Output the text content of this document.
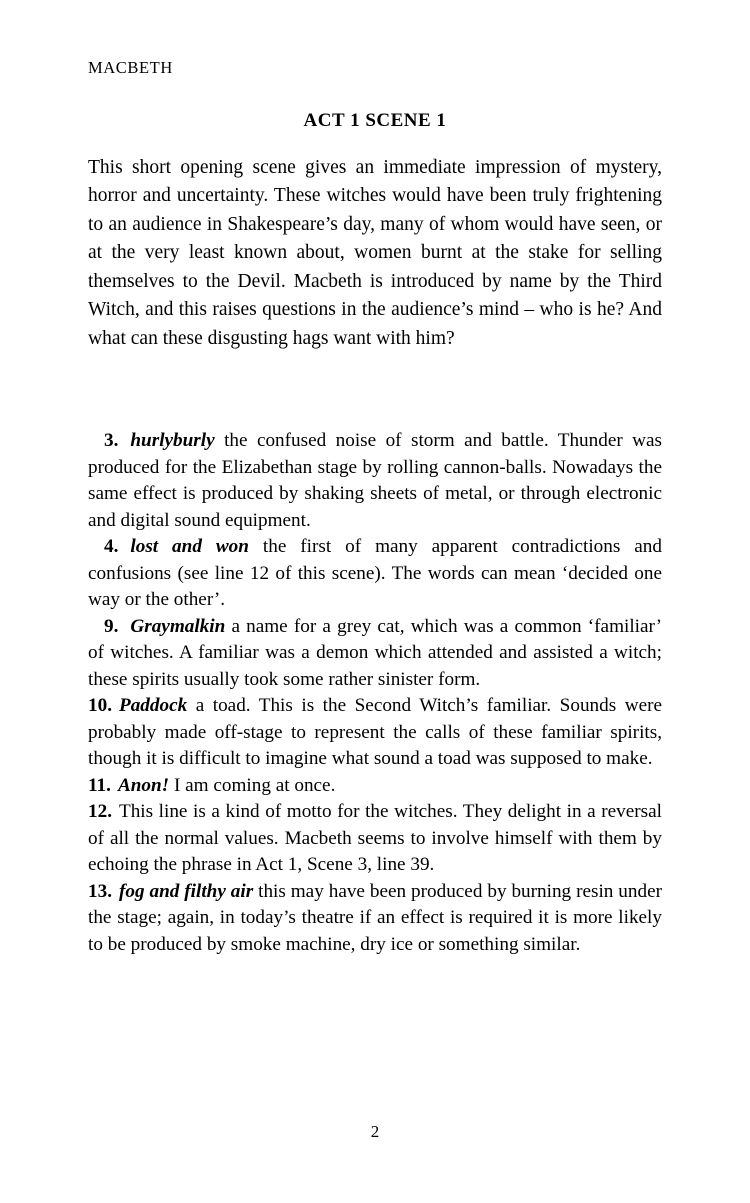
MACBETH
ACT 1 SCENE 1

This short opening scene gives an immediate impression of mystery, horror and uncertainty. These witches would have been truly frightening to an audience in Shakespeare’s day, many of whom would have seen, or at the very least known about, women burnt at the stake for selling themselves to the Devil. Macbeth is introduced by name by the Third Witch, and this raises questions in the audience’s mind – who is he? And what can these disgusting hags want with him?

3. hurlyburly the confused noise of storm and battle. Thunder was produced for the Elizabethan stage by rolling cannon-balls. Nowadays the same effect is produced by shaking sheets of metal, or through electronic and digital sound equipment.

4. lost and won the first of many apparent contradictions and confusions (see line 12 of this scene). The words can mean ‘decided one way or the other’.

9. Graymalkin a name for a grey cat, which was a common ‘familiar’ of witches. A familiar was a demon which attended and assisted a witch; these spirits usually took some rather sinister form.

10. Paddock a toad. This is the Second Witch’s familiar. Sounds were probably made off-stage to represent the calls of these familiar spirits, though it is difficult to imagine what sound a toad was supposed to make.

11. Anon! I am coming at once.

12. This line is a kind of motto for the witches. They delight in a reversal of all the normal values. Macbeth seems to involve himself with them by echoing the phrase in Act 1, Scene 3, line 39.

13. fog and filthy air this may have been produced by burning resin under the stage; again, in today’s theatre if an effect is required it is more likely to be produced by smoke machine, dry ice or something similar.

2
